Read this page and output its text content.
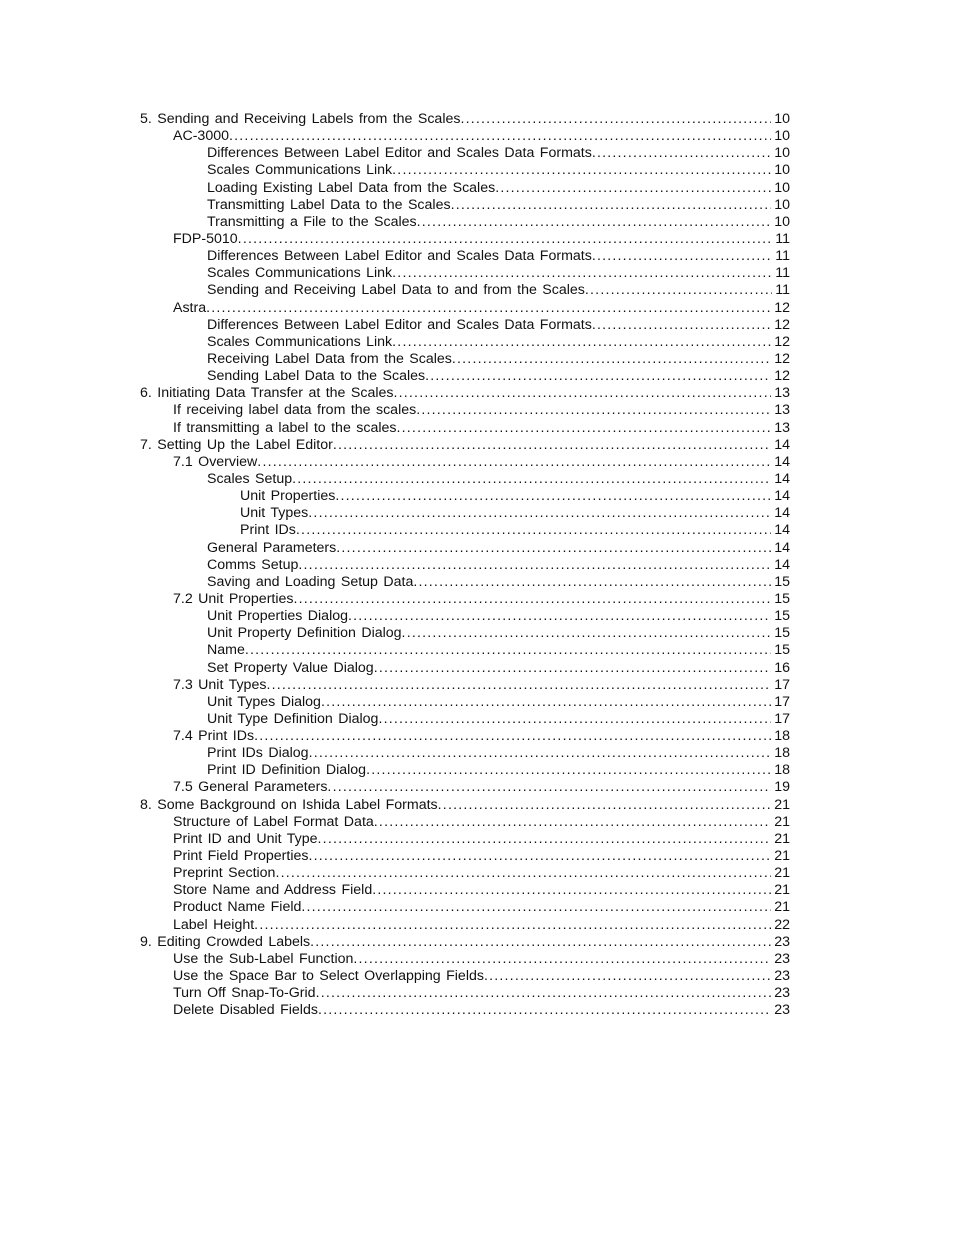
5. Sending and Receiving Labels from the Scales .....	10
AC-3000 .....	10
Differences Between Label Editor and Scales Data Formats .....	10
Scales Communications Link .....	10
Loading Existing Label Data from the Scales .....	10
Transmitting Label Data to the Scales .....	10
Transmitting a File to the Scales .....	10
FDP-5010 .....	11
Differences Between Label Editor and Scales Data Formats .....	11
Scales Communications Link .....	11
Sending and Receiving Label Data to and from the Scales .....	11
Astra .....	12
Differences Between Label Editor and Scales Data Formats .....	12
Scales Communications Link .....	12
Receiving Label Data from the Scales .....	12
Sending Label Data to the Scales .....	12
6. Initiating Data Transfer at the Scales .....	13
If receiving label data from the scales .....	13
If transmitting a label to the scales .....	13
7. Setting Up the Label Editor .....	14
7.1 Overview .....	14
Scales Setup .....	14
Unit Properties .....	14
Unit Types .....	14
Print IDs .....	14
General Parameters .....	14
Comms Setup .....	14
Saving and Loading Setup Data .....	15
7.2 Unit Properties .....	15
Unit Properties Dialog .....	15
Unit Property Definition Dialog .....	15
Name .....	15
Set Property Value Dialog .....	16
7.3 Unit Types .....	17
Unit Types Dialog .....	17
Unit Type Definition Dialog .....	17
7.4 Print IDs .....	18
Print IDs Dialog .....	18
Print ID Definition Dialog .....	18
7.5 General Parameters .....	19
8. Some Background on Ishida Label Formats .....	21
Structure of Label Format Data .....	21
Print ID and Unit Type .....	21
Print Field Properties .....	21
Preprint Section .....	21
Store Name and Address Field .....	21
Product Name Field .....	21
Label Height .....	22
9. Editing Crowded Labels .....	23
Use the Sub-Label Function .....	23
Use the Space Bar to Select Overlapping Fields .....	23
Turn Off Snap-To-Grid .....	23
Delete Disabled Fields .....	23
